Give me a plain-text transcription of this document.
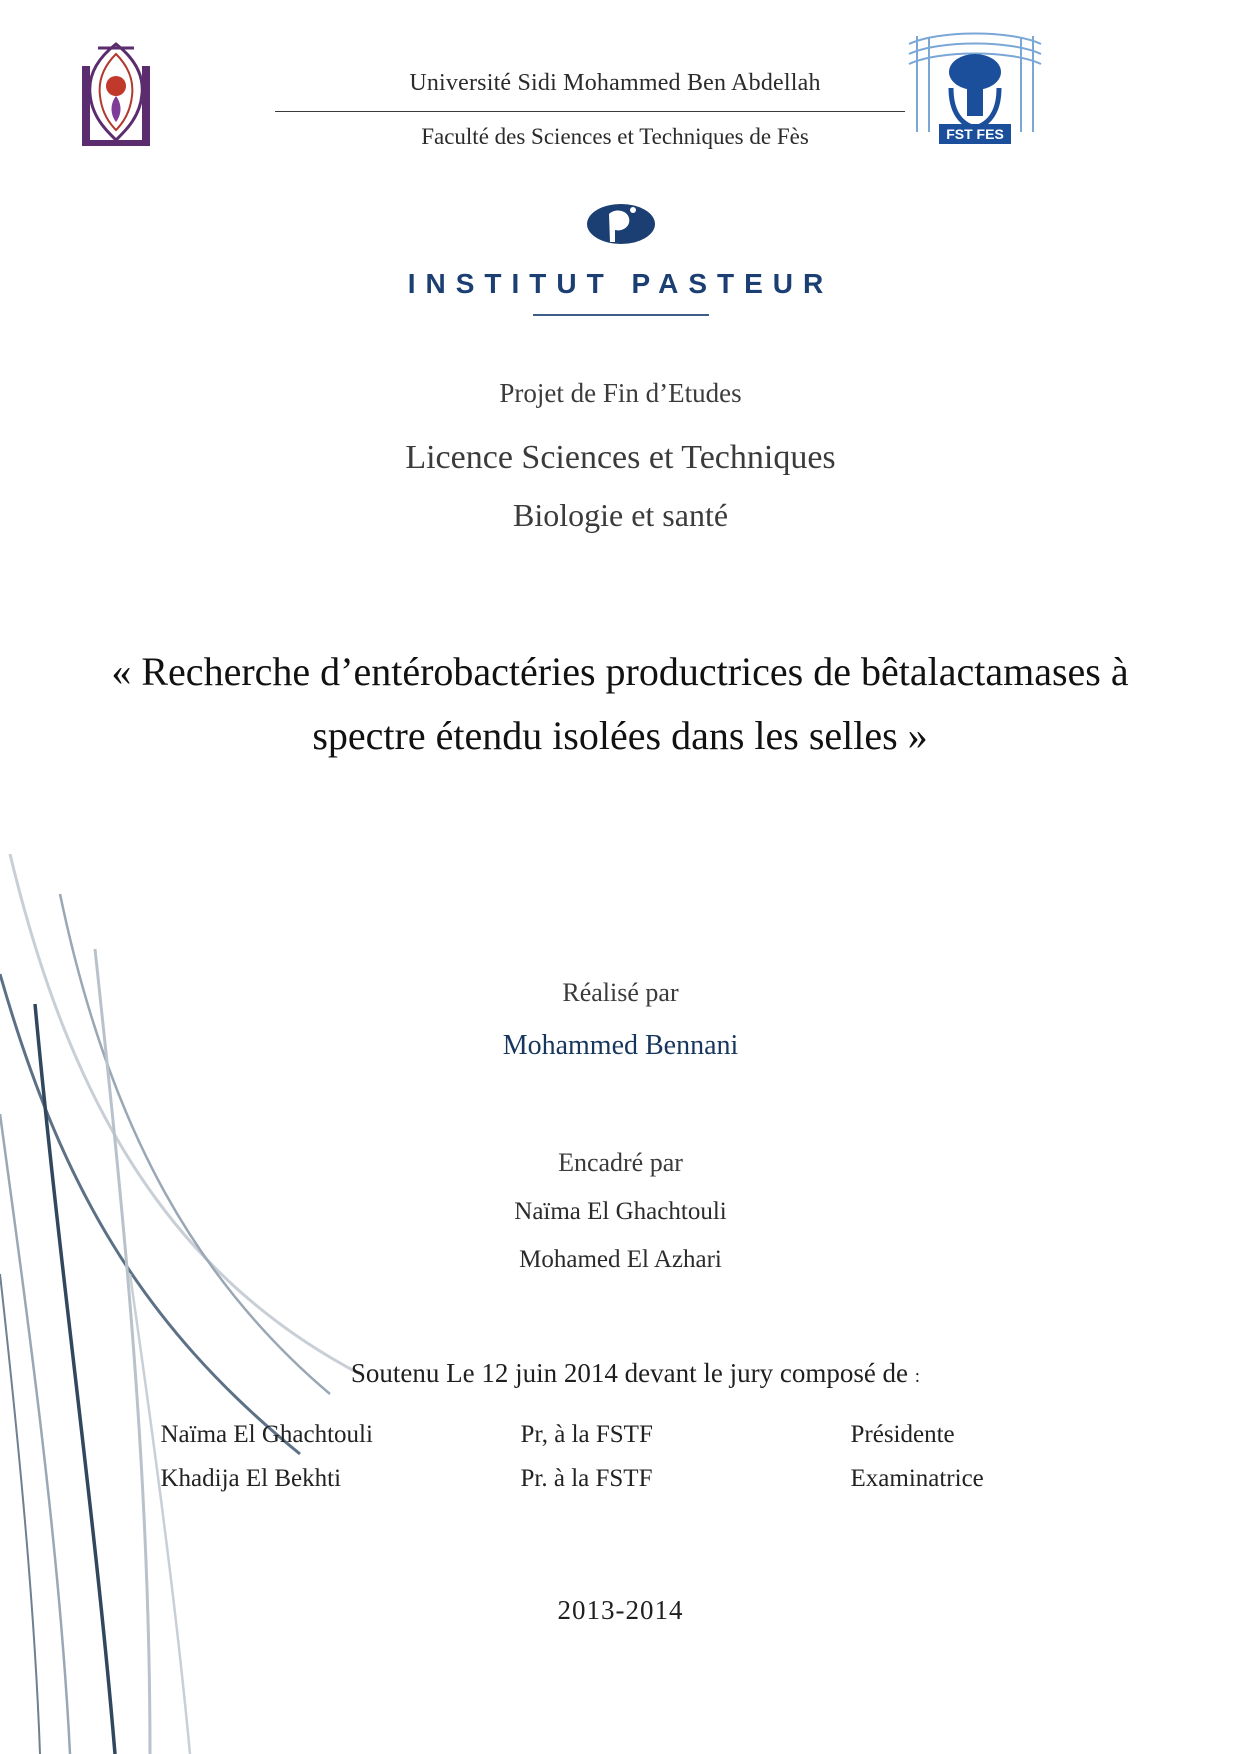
Université Sidi Mohammed Ben Abdellah
Faculté des Sciences et Techniques de Fès	FST FES
INSTITUT PASTEUR
Projet de Fin d’Etudes
Licence Sciences et Techniques
Biologie et santé
« Recherche d’entérobactéries productrices de bêtalactamases à spectre étendu isolées dans les selles »
Réalisé par
Mohammed Bennani
Encadré par
Naïma El Ghachtouli
Mohamed El Azhari
Soutenu Le 12 juin 2014 devant le jury composé de :
Naïma El Ghachtouli	Pr, à la FSTF	Présidente
Khadija El Bekhti	Pr. à la FSTF	Examinatrice
2013-2014
